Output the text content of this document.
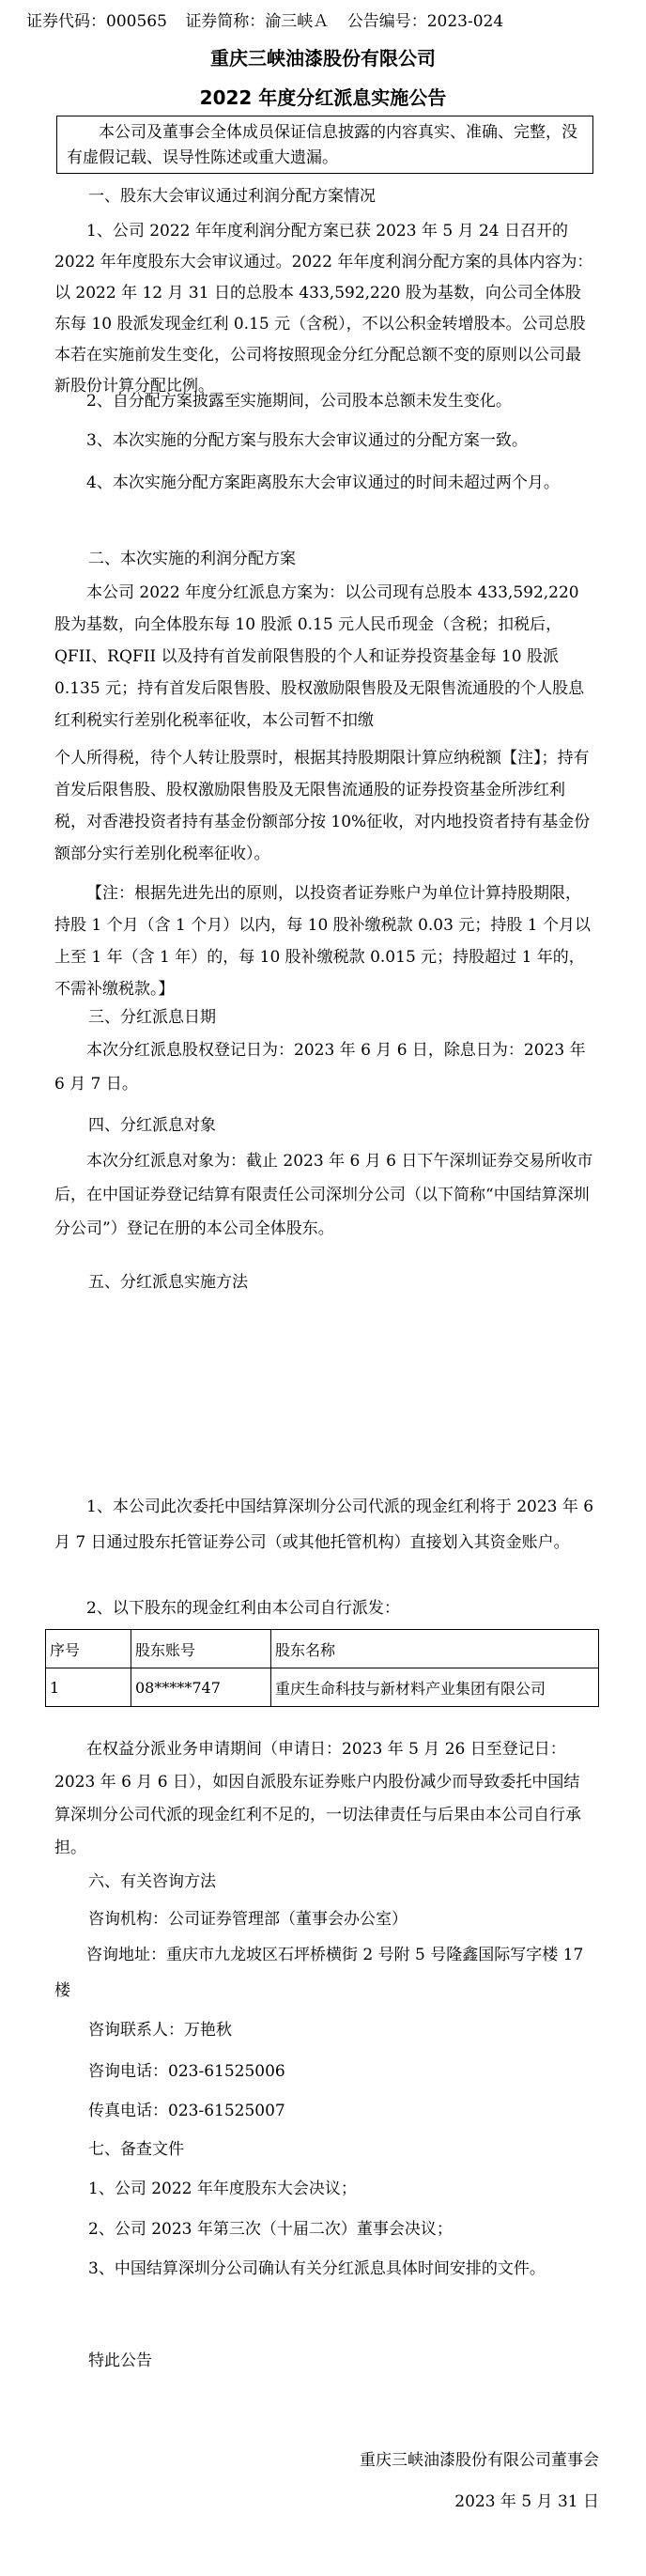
证券代码：000565 证券简称：渝三峡Ａ 公告编号：2023-024
重庆三峡油漆股份有限公司
2022 年度分红派息实施公告

本公司及董事会全体成员保证信息披露的内容真实、准确、完整，没有虚假记载、误导性陈述或重大遗漏。

一、股东大会审议通过利润分配方案情况

1、公司 2022 年年度利润分配方案已获 2023 年 5 月 24 日召开的 2022 年年度股东大会审议通过。2022 年年度利润分配方案的具体内容为：以 2022 年 12 月 31 日的总股本 433,592,220 股为基数，向公司全体股东每 10 股派发现金红利 0.15 元（含税），不以公积金转增股本。公司总股本若在实施前发生变化，公司将按照现金分红分配总额不变的原则以公司最新股份计算分配比例。

2、自分配方案披露至实施期间，公司股本总额未发生变化。

3、本次实施的分配方案与股东大会审议通过的分配方案一致。

4、本次实施分配方案距离股东大会审议通过的时间未超过两个月。

二、本次实施的利润分配方案

本公司 2022 年度分红派息方案为：以公司现有总股本 433,592,220 股为基数，向全体股东每 10 股派 0.15 元人民币现金（含税；扣税后，QFII、RQFII 以及持有首发前限售股的个人和证券投资基金每 10 股派 0.135 元；持有首发后限售股、股权激励限售股及无限售流通股的个人股息红利税实行差别化税率征收，本公司暂不扣缴

个人所得税，待个人转让股票时，根据其持股期限计算应纳税额【注】；持有首发后限售股、股权激励限售股及无限售流通股的证券投资基金所涉红利税，对香港投资者持有基金份额部分按 10%征收，对内地投资者持有基金份额部分实行差别化税率征收）。

【注：根据先进先出的原则，以投资者证券账户为单位计算持股期限，持股 1 个月（含 1 个月）以内，每 10 股补缴税款 0.03 元；持股 1 个月以上至 1 年（含 1 年）的，每 10 股补缴税款 0.015 元；持股超过 1 年的，不需补缴税款。】

三、分红派息日期

本次分红派息股权登记日为：2023 年 6 月 6 日，除息日为：2023 年 6 月 7 日。

四、分红派息对象

本次分红派息对象为：截止 2023 年 6 月 6 日下午深圳证券交易所收市后，在中国证券登记结算有限责任公司深圳分公司（以下简称“中国结算深圳分公司”）登记在册的本公司全体股东。

五、分红派息实施方法

1、本公司此次委托中国结算深圳分公司代派的现金红利将于 2023 年 6 月 7 日通过股东托管证券公司（或其他托管机构）直接划入其资金账户。

2、以下股东的现金红利由本公司自行派发：

序号	股东账号	股东名称
1	08*****747	重庆生命科技与新材料产业集团有限公司

在权益分派业务申请期间（申请日：2023 年 5 月 26 日至登记日：2023 年 6 月 6 日），如因自派股东证券账户内股份减少而导致委托中国结算深圳分公司代派的现金红利不足的，一切法律责任与后果由本公司自行承担。

六、有关咨询方法
咨询机构：公司证券管理部（董事会办公室）

咨询地址：重庆市九龙坡区石坪桥横街 2 号附 5 号隆鑫国际写字楼 17 楼

咨询联系人：万艳秋
咨询电话：023-61525006
传真电话：023-61525007
七、备查文件
1、公司 2022 年年度股东大会决议；
2、公司 2023 年第三次（十届二次）董事会决议；
3、中国结算深圳分公司确认有关分红派息具体时间安排的文件。
特此公告
重庆三峡油漆股份有限公司董事会
2023 年 5 月 31 日
